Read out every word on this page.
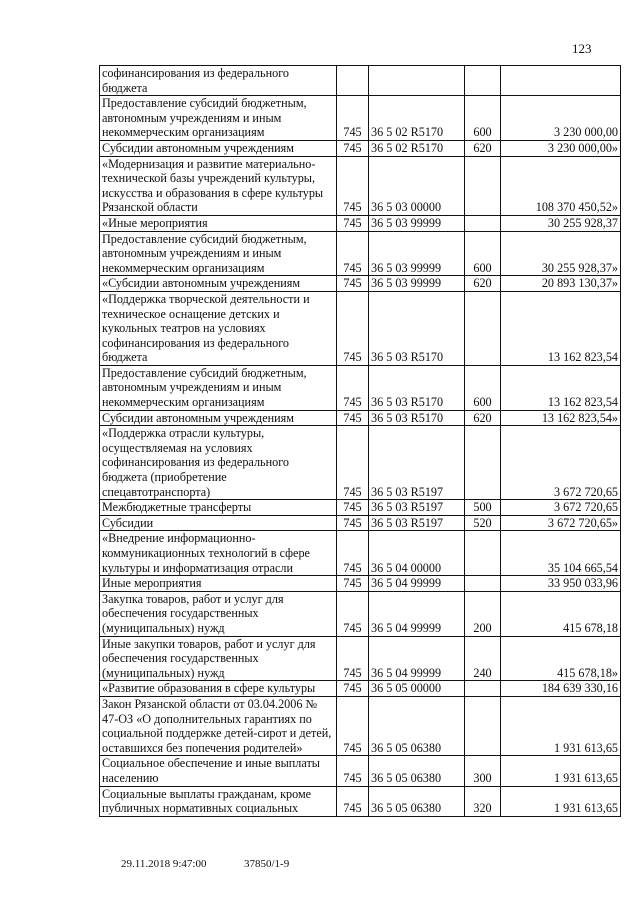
123
софинансирования из федерального бюджета				
Предоставление субсидий бюджетным, автономным учреждениям и иным некоммерческим организациям	745	36 5 02 R5170	600	3 230 000,00
Субсидии автономным учреждениям	745	36 5 02 R5170	620	3 230 000,00»
«Модернизация и развитие материально-технической базы учреждений культуры, искусства и образования в сфере культуры Рязанской области	745	36 5 03 00000		108 370 450,52»
«Иные мероприятия	745	36 5 03 99999		30 255 928,37
Предоставление субсидий бюджетным, автономным учреждениям и иным некоммерческим организациям	745	36 5 03 99999	600	30 255 928,37»
«Субсидии автономным учреждениям	745	36 5 03 99999	620	20 893 130,37»
«Поддержка творческой деятельности и техническое оснащение детских и кукольных театров на условиях софинансирования из федерального бюджета	745	36 5 03 R5170		13 162 823,54
Предоставление субсидий бюджетным, автономным учреждениям и иным некоммерческим организациям	745	36 5 03 R5170	600	13 162 823,54
Субсидии автономным учреждениям	745	36 5 03 R5170	620	13 162 823,54»
«Поддержка отрасли культуры, осуществляемая на условиях софинансирования из федерального бюджета (приобретение спецавтотранспорта)	745	36 5 03 R5197		3 672 720,65
Межбюджетные трансферты	745	36 5 03 R5197	500	3 672 720,65
Субсидии	745	36 5 03 R5197	520	3 672 720,65»
«Внедрение информационно-коммуникационных технологий в сфере культуры и информатизация отрасли	745	36 5 04 00000		35 104 665,54
Иные мероприятия	745	36 5 04 99999		33 950 033,96
Закупка товаров, работ и услуг для обеспечения государственных (муниципальных) нужд	745	36 5 04 99999	200	415 678,18
Иные закупки товаров, работ и услуг для обеспечения государственных (муниципальных) нужд	745	36 5 04 99999	240	415 678,18»
«Развитие образования в сфере культуры	745	36 5 05 00000		184 639 330,16
Закон Рязанской области от 03.04.2006 № 47-ОЗ «О дополнительных гарантиях по социальной поддержке детей-сирот и детей, оставшихся без попечения родителей»	745	36 5 05 06380		1 931 613,65
Социальное обеспечение и иные выплаты населению	745	36 5 05 06380	300	1 931 613,65
Социальные выплаты гражданам, кроме публичных нормативных социальных	745	36 5 05 06380	320	1 931 613,65
29.11.2018 9:47:00	37850/1-9
